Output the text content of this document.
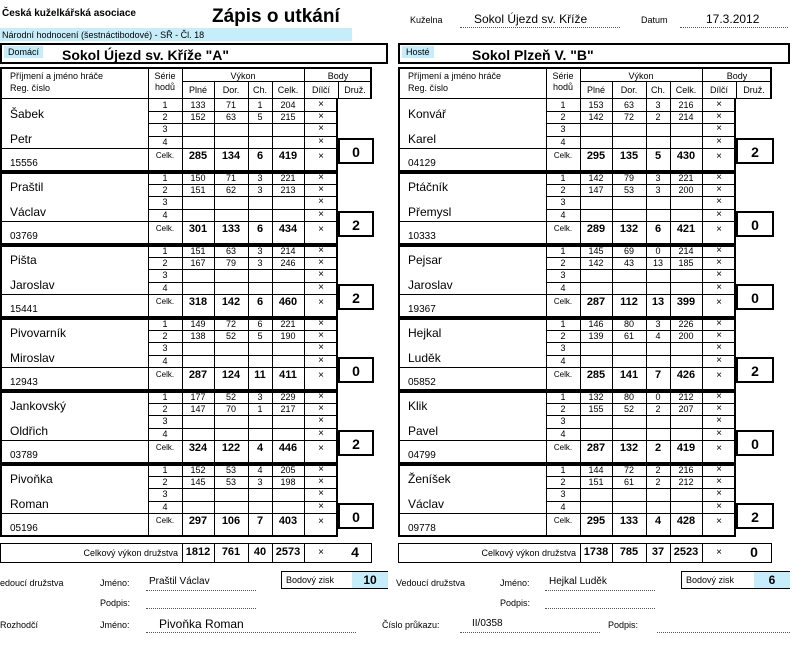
Česká kuželkářská asociace
Národní hodnocení (šestnáctibodové) - SŘ - Čl. 18
Zápis o utkání	Kuželna	Sokol Újezd sv. Kříže	Datum	17.3.2012
Domácí Sokol Újezd sv. Kříže "A"	Hosté	Sokol Plzeň V. "B"
Příjmení a jméno hráče
Reg. číslo
Série hodů
Výkon
Plné	Dor.	Ch.	Celk.
Body
Dílčí	Druž.
Šabek
Petr
15556
1	133	71	1	204	×
2	152	63	5	215	×
3	×
4	×
Celk.	285	134	6	419	×	0
Praštil
Václav
03769
1	150	71	3	221	×
2	151	62	3	213	×
3	×
4	×
Celk.	301	133	6	434	×	2
Pišta
Jaroslav
15441
1	151	63	3	214	×
2	167	79	3	246	×
3	×
4	×
Celk.	318	142	6	460	×	2
Pivovarník
Miroslav
12943
1	149	72	6	221	×
2	138	52	5	190	×
3	×
4	×
Celk.	287	124	11	411	×	0
Jankovský
Oldřich
03789
1	177	52	3	229	×
2	147	70	1	217	×
3	×
4	×
Celk.	324	122	4	446	×	2
Pivoňka
Roman
05196
1	152	53	4	205	×
2	145	53	3	198	×
3	×
4	×
Celk.	297	106	7	403	×	0
Celkový výkon družstva 1812	761	40 2573	×	4
Příjmení a jméno hráče
Reg. číslo
Série hodů
Výkon
Plné	Dor.	Ch.	Celk.
Body
Dílčí	Druž.
Konvář
Karel
04129
1	153	63	3	216	×
2	142	72	2	214	×
3	×
4	×
Celk.	295	135	5	430	×	2
Ptáčník
Přemysl
10333
1	142	79	3	221	×
2	147	53	3	200	×
3	×
4	×
Celk.	289	132	6	421	×	0
Pejsar
Jaroslav
19367
1	145	69	0	214	×
2	142	43	13	185	×
3	×
4	×
Celk.	287	112	13	399	×	0
Hejkal
Luděk
05852
1	146	80	3	226	×
2	139	61	4	200	×
3	×
4	×
Celk.	285	141	7	426	×	2
Klik
Pavel
04799
1	132	80	0	212	×
2	155	52	2	207	×
3	×
4	×
Celk.	287	132	2	419	×	0
Ženíšek
Václav
09778
1	144	72	2	216	×
2	151	61	2	212	×
3	×
4	×
Celk.	295	133	4	428	×	2
Celkový výkon družstva 1738	785	37 2523	×	0
edoucí družstva	Jméno: Praštil Václav
Podpis:
Bodový zisk	10	Vedoucí družstva	Jméno: Hejkal Luděk
Podpis:
Bodový zisk	6
Rozhodčí	Jméno: Pivoňka Roman	Číslo průkazu:	II/0358	Podpis:
